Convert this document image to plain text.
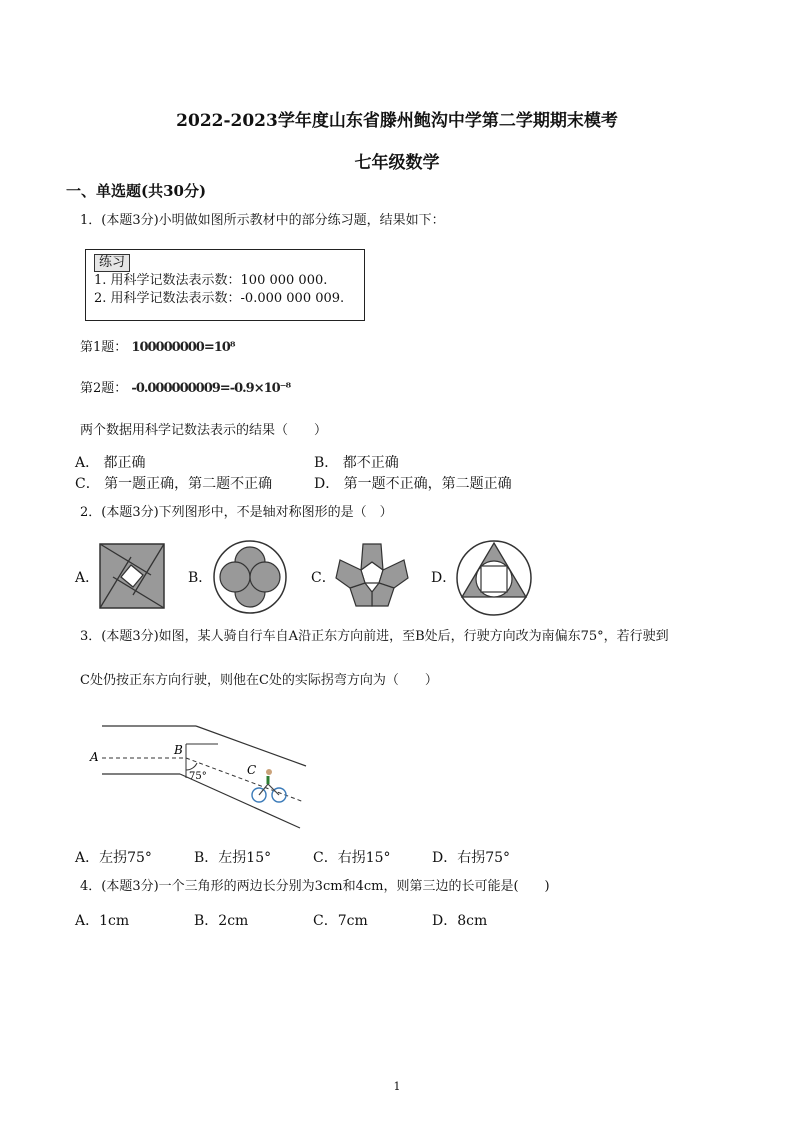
2022-2023学年度山东省滕州鲍沟中学第二学期期末模考
七年级数学
一、单选题(共30分)
1．(本题3分)小明做如图所示教材中的部分练习题，结果如下：
练习
1. 用科学记数法表示数：100 000 000.
2. 用科学记数法表示数：-0.000 000 009.
第1题： 100000000=10⁸
第2题： -0.000000009=-0.9×10⁻⁸
两个数据用科学记数法表示的结果（　　）
A． 都正确	B． 都不正确
C． 第一题正确，第二题不正确	D． 第一题不正确，第二题正确
2．(本题3分)下列图形中，不是轴对称图形的是（　）
A．	B．	C．	D．
3．(本题3分)如图，某人骑自行车自A沿正东方向前进，至B处后，行驶方向改为南偏东75°，若行驶到
C处仍按正东方向行驶，则他在C处的实际拐弯方向为（　　）
A	B
C
75°
A．左拐75°	B．左拐15°	C．右拐15°	D．右拐75°
4．(本题3分)一个三角形的两边长分别为3cm和4cm，则第三边的长可能是(　　)
A．1cm	B．2cm	C．7cm	D．8cm
1
